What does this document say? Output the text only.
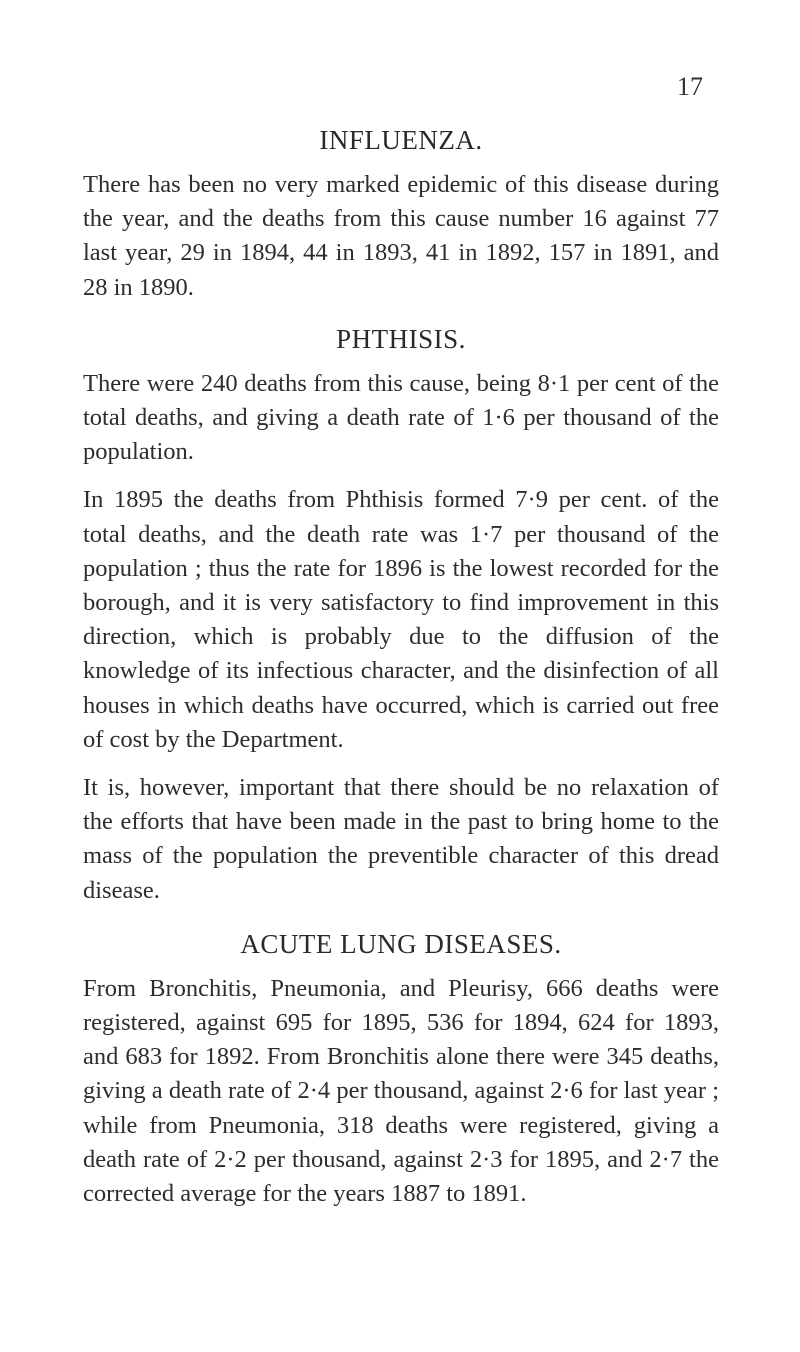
17
INFLUENZA.

There has been no very marked epidemic of this disease during the year, and the deaths from this cause number 16 against 77 last year, 29 in 1894, 44 in 1893, 41 in 1892, 157 in 1891, and 28 in 1890.

PHTHISIS.

There were 240 deaths from this cause, being 8·1 per cent of the total deaths, and giving a death rate of 1·6 per thousand of the population.

In 1895 the deaths from Phthisis formed 7·9 per cent. of the total deaths, and the death rate was 1·7 per thousand of the population ; thus the rate for 1896 is the lowest recorded for the borough, and it is very satisfactory to find improvement in this direction, which is probably due to the diffusion of the knowledge of its infectious character, and the disinfection of all houses in which deaths have occurred, which is carried out free of cost by the Department.

It is, however, important that there should be no relaxation of the efforts that have been made in the past to bring home to the mass of the population the preventible character of this dread disease.

ACUTE LUNG DISEASES.

From Bronchitis, Pneumonia, and Pleurisy, 666 deaths were registered, against 695 for 1895, 536 for 1894, 624 for 1893, and 683 for 1892. From Bronchitis alone there were 345 deaths, giving a death rate of 2·4 per thousand, against 2·6 for last year ; while from Pneumonia, 318 deaths were registered, giving a death rate of 2·2 per thousand, against 2·3 for 1895, and 2·7 the corrected average for the years 1887 to 1891.
